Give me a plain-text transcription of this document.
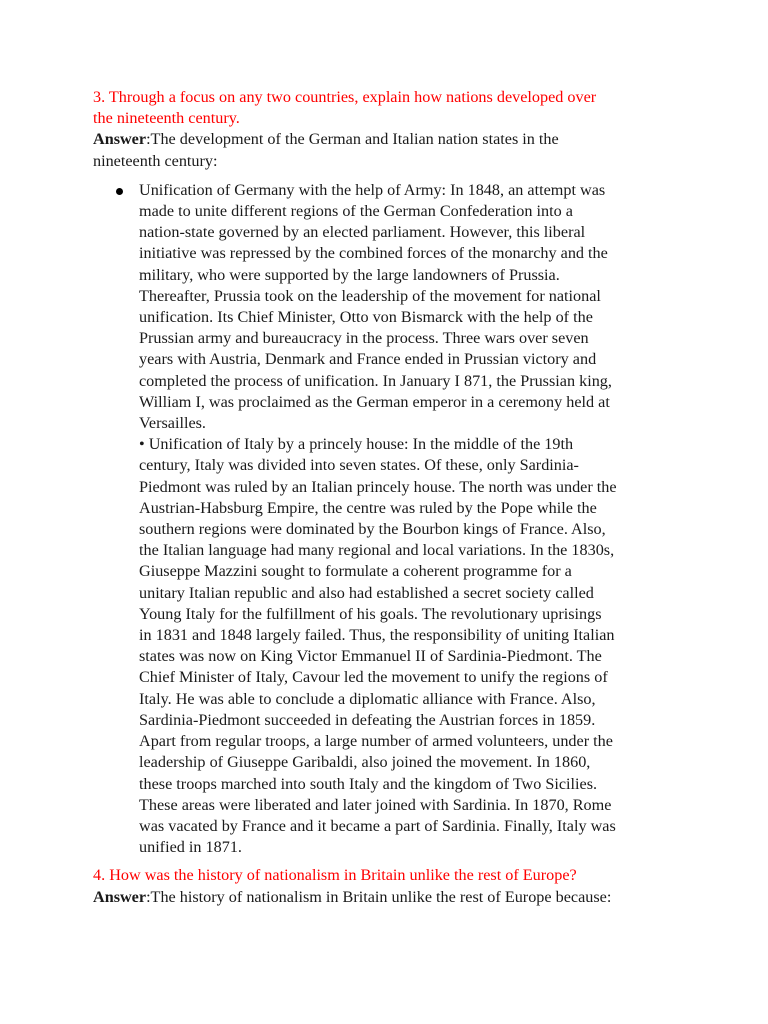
3. Through a focus on any two countries, explain how nations developed over

the nineteenth century.

Answer:The development of the German and Italian nation states in the

nineteenth century:

Unification of Germany with the help of Army: In 1848, an attempt was

made to unite different regions of the German Confederation into a

nation-state governed by an elected parliament. However, this liberal

initiative was repressed by the combined forces of the monarchy and the

military, who were supported by the large landowners of Prussia.

Thereafter, Prussia took on the leadership of the movement for national

unification. Its Chief Minister, Otto von Bismarck with the help of the

Prussian army and bureaucracy in the process. Three wars over seven

years with Austria, Denmark and France ended in Prussian victory and

completed the process of unification. In January I 871, the Prussian king,

William I, was proclaimed as the German emperor in a ceremony held at

Versailles.

• Unification of Italy by a princely house: In the middle of the 19th

century, Italy was divided into seven states. Of these, only Sardinia-

Piedmont was ruled by an Italian princely house. The north was under the

Austrian-Habsburg Empire, the centre was ruled by the Pope while the

southern regions were dominated by the Bourbon kings of France. Also,

the Italian language had many regional and local variations. In the 1830s,

Giuseppe Mazzini sought to formulate a coherent programme for a

unitary Italian republic and also had established a secret society called

Young Italy for the fulfillment of his goals. The revolutionary uprisings

in 1831 and 1848 largely failed. Thus, the responsibility of uniting Italian

states was now on King Victor Emmanuel II of Sardinia-Piedmont. The

Chief Minister of Italy, Cavour led the movement to unify the regions of

Italy. He was able to conclude a diplomatic alliance with France. Also,

Sardinia-Piedmont succeeded in defeating the Austrian forces in 1859.

Apart from regular troops, a large number of armed volunteers, under the

leadership of Giuseppe Garibaldi, also joined the movement. In 1860,

these troops marched into south Italy and the kingdom of Two Sicilies.

These areas were liberated and later joined with Sardinia. In 1870, Rome

was vacated by France and it became a part of Sardinia. Finally, Italy was

unified in 1871.

4. How was the history of nationalism in Britain unlike the rest of Europe?

Answer:The history of nationalism in Britain unlike the rest of Europe because:
